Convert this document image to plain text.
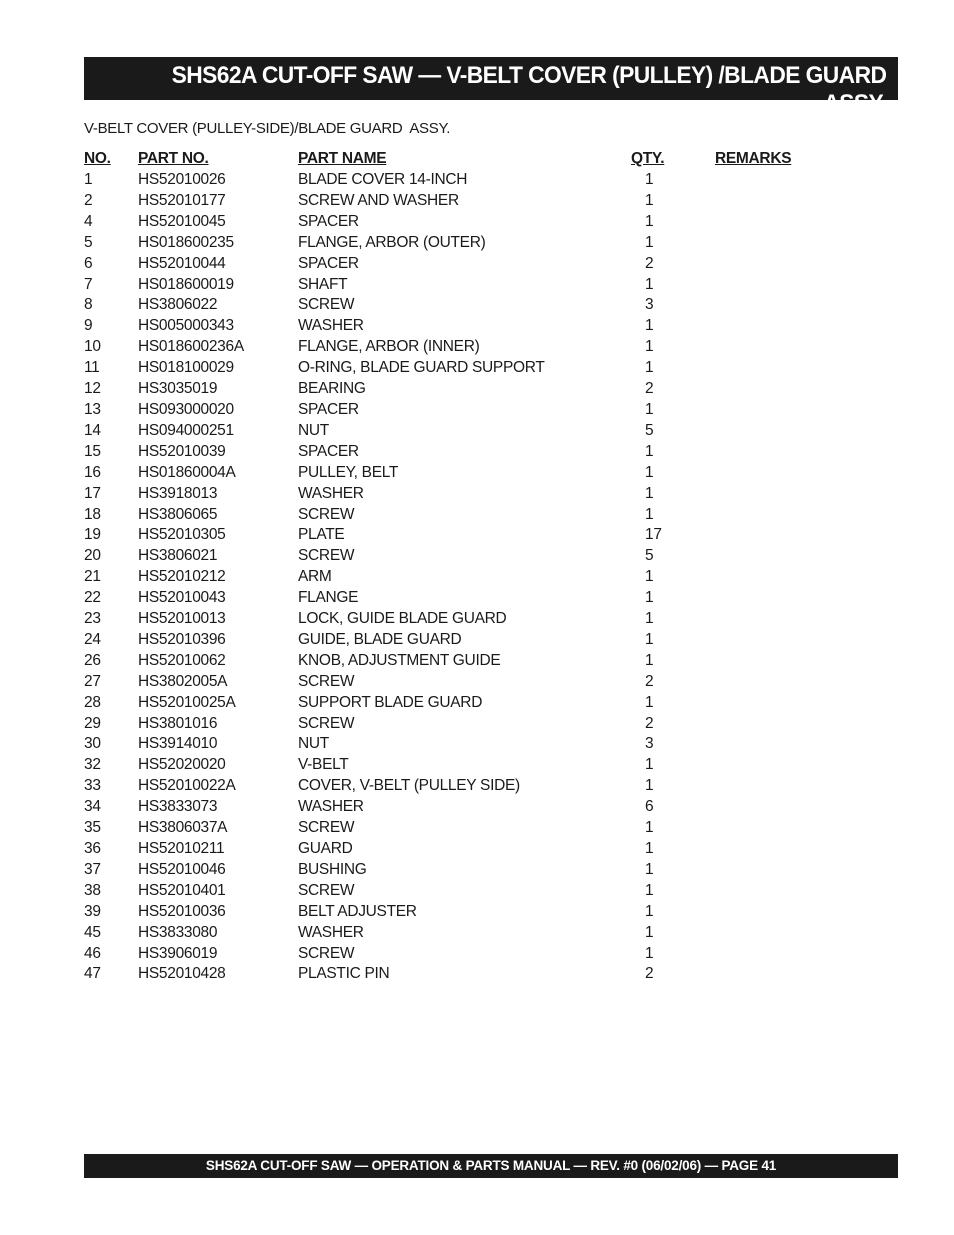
SHS62A CUT-OFF SAW — V-BELT COVER (PULLEY) /BLADE GUARD
ASSY.
V-BELT COVER (PULLEY-SIDE)/BLADE GUARD  ASSY.
NO.	PART NO.	PART NAME	QTY.	REMARKS
1	HS52010026	BLADE COVER 14-INCH	1	
2	HS52010177	SCREW AND WASHER	1	
4	HS52010045	SPACER	1	
5	HS018600235	FLANGE, ARBOR (OUTER)	1	
6	HS52010044	SPACER	2	
7	HS018600019	SHAFT	1	
8	HS3806022	SCREW	3	
9	HS005000343	WASHER	1	
10	HS018600236A	FLANGE, ARBOR (INNER)	1	
11	HS018100029	O-RING, BLADE GUARD SUPPORT	1	
12	HS3035019	BEARING	2	
13	HS093000020	SPACER	1	
14	HS094000251	NUT	5	
15	HS52010039	SPACER	1	
16	HS01860004A	PULLEY, BELT	1	
17	HS3918013	WASHER	1	
18	HS3806065	SCREW	1	
19	HS52010305	PLATE	17	
20	HS3806021	SCREW	5	
21	HS52010212	ARM	1	
22	HS52010043	FLANGE	1	
23	HS52010013	LOCK, GUIDE BLADE GUARD	1	
24	HS52010396	GUIDE, BLADE GUARD	1	
26	HS52010062	KNOB, ADJUSTMENT GUIDE	1	
27	HS3802005A	SCREW	2	
28	HS52010025A	SUPPORT BLADE GUARD	1	
29	HS3801016	SCREW	2	
30	HS3914010	NUT	3	
32	HS52020020	V-BELT	1	
33	HS52010022A	COVER, V-BELT (PULLEY SIDE)	1	
34	HS3833073	WASHER	6	
35	HS3806037A	SCREW	1	
36	HS52010211	GUARD	1	
37	HS52010046	BUSHING	1	
38	HS52010401	SCREW	1	
39	HS52010036	BELT ADJUSTER	1	
45	HS3833080	WASHER	1	
46	HS3906019	SCREW	1	
47	HS52010428	PLASTIC PIN	2	
SHS62A CUT-OFF SAW — OPERATION & PARTS MANUAL — REV. #0 (06/02/06) — PAGE 41
